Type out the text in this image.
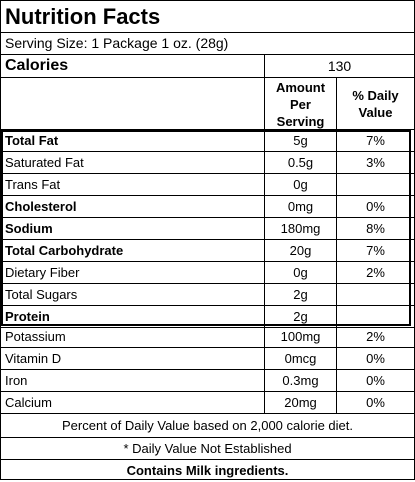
Nutrition Facts
Serving Size: 1 Package 1 oz. (28g)
Calories	130
Amount
Per Serving
% Daily
Value
Total Fat	5g	7%
Saturated Fat	0.5g	3%
Trans Fat	0g
Cholesterol	0mg	0%
Sodium	180mg	8%
Total Carbohydrate	20g	7%
Dietary Fiber	0g	2%
Total Sugars	2g
Protein	2g
Potassium	100mg	2%
Vitamin D	0mcg	0%
Iron	0.3mg	0%
Calcium	20mg	0%
Percent of Daily Value based on 2,000 calorie diet.
* Daily Value Not Established
Contains Milk ingredients.
